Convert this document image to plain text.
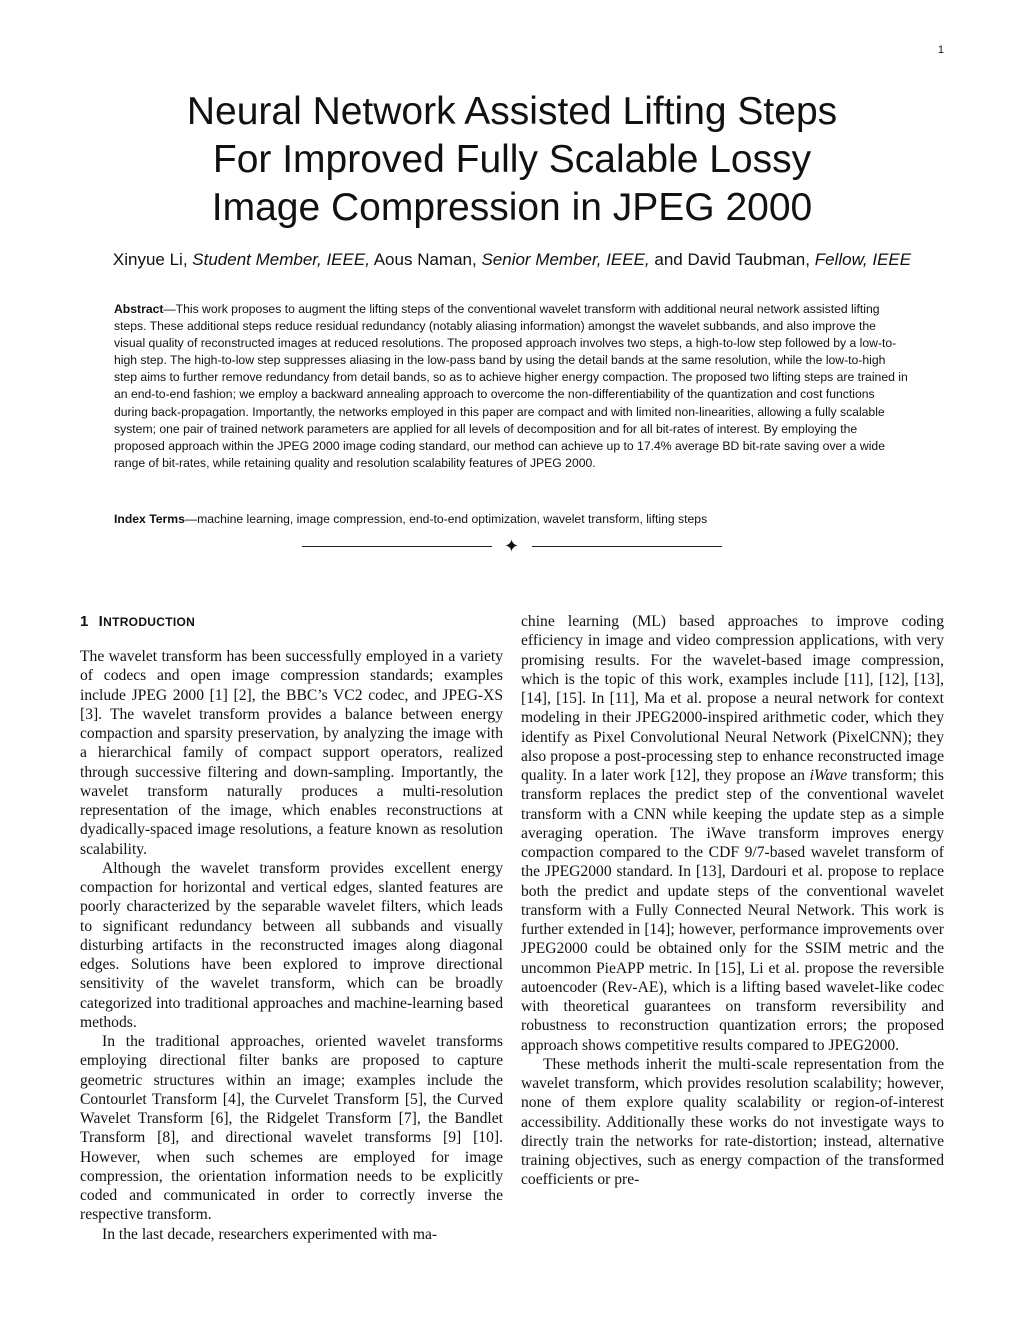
1
Neural Network Assisted Lifting Steps
For Improved Fully Scalable Lossy
Image Compression in JPEG 2000
Xinyue Li, Student Member, IEEE, Aous Naman, Senior Member, IEEE, and David Taubman, Fellow, IEEE
Abstract—This work proposes to augment the lifting steps of the conventional wavelet transform with additional neural network assisted lifting steps. These additional steps reduce residual redundancy (notably aliasing information) amongst the wavelet subbands, and also improve the visual quality of reconstructed images at reduced resolutions. The proposed approach involves two steps, a high-to-low step followed by a low-to-high step. The high-to-low step suppresses aliasing in the low-pass band by using the detail bands at the same resolution, while the low-to-high step aims to further remove redundancy from detail bands, so as to achieve higher energy compaction. The proposed two lifting steps are trained in an end-to-end fashion; we employ a backward annealing approach to overcome the non-differentiability of the quantization and cost functions during back-propagation. Importantly, the networks employed in this paper are compact and with limited non-linearities, allowing a fully scalable system; one pair of trained network parameters are applied for all levels of decomposition and for all bit-rates of interest. By employing the proposed approach within the JPEG 2000 image coding standard, our method can achieve up to 17.4% average BD bit-rate saving over a wide range of bit-rates, while retaining quality and resolution scalability features of JPEG 2000.
Index Terms—machine learning, image compression, end-to-end optimization, wavelet transform, lifting steps
✦
1 INTRODUCTION

The wavelet transform has been successfully employed in a variety of codecs and open image compression standards; examples include JPEG 2000 [1] [2], the BBC’s VC2 codec, and JPEG-XS [3]. The wavelet transform provides a balance between energy compaction and sparsity preservation, by analyzing the image with a hierarchical family of compact support operators, realized through successive filtering and down-sampling. Importantly, the wavelet transform naturally produces a multi-resolution representation of the image, which enables reconstructions at dyadically-spaced image resolutions, a feature known as resolution scalability.

Although the wavelet transform provides excellent energy compaction for horizontal and vertical edges, slanted features are poorly characterized by the separable wavelet filters, which leads to significant redundancy between all subbands and visually disturbing artifacts in the reconstructed images along diagonal edges. Solutions have been explored to improve directional sensitivity of the wavelet transform, which can be broadly categorized into traditional approaches and machine-learning based methods.

In the traditional approaches, oriented wavelet transforms employing directional filter banks are proposed to capture geometric structures within an image; examples include the Contourlet Transform [4], the Curvelet Transform [5], the Curved Wavelet Transform [6], the Ridgelet Transform [7], the Bandlet Transform [8], and directional wavelet transforms [9] [10]. However, when such schemes are employed for image compression, the orientation information needs to be explicitly coded and communicated in order to correctly inverse the respective transform.

In the last decade, researchers experimented with ma-

chine learning (ML) based approaches to improve coding efficiency in image and video compression applications, with very promising results. For the wavelet-based image compression, which is the topic of this work, examples include [11], [12], [13], [14], [15]. In [11], Ma et al. propose a neural network for context modeling in their JPEG2000-inspired arithmetic coder, which they identify as Pixel Convolutional Neural Network (PixelCNN); they also propose a post-processing step to enhance reconstructed image quality. In a later work [12], they propose an iWave transform; this transform replaces the predict step of the conventional wavelet transform with a CNN while keeping the update step as a simple averaging operation. The iWave transform improves energy compaction compared to the CDF 9/7-based wavelet transform of the JPEG2000 standard. In [13], Dardouri et al. propose to replace both the predict and update steps of the conventional wavelet transform with a Fully Connected Neural Network. This work is further extended in [14]; however, performance improvements over JPEG2000 could be obtained only for the SSIM metric and the uncommon PieAPP metric. In [15], Li et al. propose the reversible autoencoder (Rev-AE), which is a lifting based wavelet-like codec with theoretical guarantees on transform reversibility and robustness to reconstruction quantization errors; the proposed approach shows competitive results compared to JPEG2000.

These methods inherit the multi-scale representation from the wavelet transform, which provides resolution scalability; however, none of them explore quality scalability or region-of-interest accessibility. Additionally these works do not investigate ways to directly train the networks for rate-distortion; instead, alternative training objectives, such as energy compaction of the transformed coefficients or pre-
